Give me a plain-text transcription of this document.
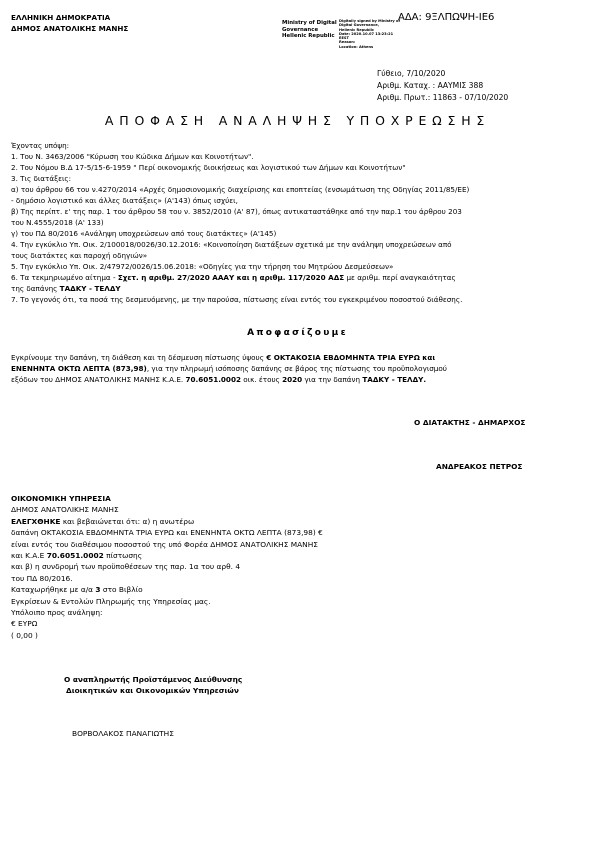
ΕΛΛΗΝΙΚΗ ΔΗΜΟΚΡΑΤΙΑ
ΔΗΜΟΣ ΑΝΑΤΟΛΙΚΗΣ ΜΑΝΗΣ
Ministry of Digital
Governance
Hellenic Republic
Digitally signed by Ministry of
Digital Governance,
Hellenic Republic
Date: 2020.10.07 13:23:21
EEST
Reason:
Location: Athens
ΑΔΑ: 9ΞΛΠΩΨΗ-ΙΕ6
Γύθειο, 7/10/2020
Αριθμ. Καταχ. : ΑΑΥΜΙΣ 388
Αριθμ. Πρωτ.: 11863 - 07/10/2020
ΑΠΟΦΑΣΗ ΑΝΑΛΗΨΗΣ ΥΠΟΧΡΕΩΣΗΣ
Έχοντας υπόψη:
1. Του Ν. 3463/2006 "Κύρωση του Κώδικα Δήμων και Κοινοτήτων".
2. Του Νόμου Β.Δ 17-5/15-6-1959 " Περί οικονομικής διοικήσεως και λογιστικού των Δήμων και Κοινοτήτων"
3. Τις διατάξεις:
α) του άρθρου 66 του ν.4270/2014 «Αρχές δημοσιονομικής διαχείρισης και εποπτείας (ενσωμάτωση της Οδηγίας 2011/85/ΕΕ)
- δημόσιο λογιστικό και άλλες διατάξεις» (Α'143) όπως ισχύει,
β) Της περίπτ. ε' της παρ. 1 του άρθρου 58 του ν. 3852/2010 (Α' 87), όπως αντικαταστάθηκε από την παρ.1 του άρθρου 203
του Ν.4555/2018 (Α' 133)
γ) του ΠΔ 80/2016 «Ανάληψη υποχρεώσεων από τους διατάκτες» (Α'145)
4. Την εγκύκλιο Υπ. Οικ. 2/100018/0026/30.12.2016: «Κοινοποίηση διατάξεων σχετικά με την ανάληψη υποχρεώσεων από
τους διατάκτες και παροχή οδηγιών»
5. Την εγκύκλιο Υπ. Οικ. 2/47972/0026/15.06.2018: «Οδηγίες για την τήρηση του Μητρώου Δεσμεύσεων»
6. Τα τεκμηριωμένο αίτημα - Σχετ. η αριθμ. 27/2020 ΑΑΑΥ και η αριθμ. 117/2020 ΑΔΣ με αριθμ. περί αναγκαιότητας
της δαπάνης ΤΑΔΚΥ - ΤΕΛΔΥ
7. Το γεγονός ότι, τα ποσά της δεσμευόμενης, με την παρούσα, πίστωσης είναι εντός του εγκεκριμένου ποσοστού διάθεσης.
Αποφασίζουμε
Εγκρίνουμε την δαπάνη, τη διάθεση και τη δέσμευση πίστωσης ύψους € ΟΚΤΑΚΟΣΙΑ ΕΒΔΟΜΗΝΤΑ ΤΡΙΑ ΕΥΡΩ και
ΕΝΕΝΗΝΤΑ ΟΚΤΩ ΛΕΠΤΑ (873,98), για την πληρωμή ισόποσης δαπάνης σε βάρος της πίστωσης του προϋπολογισμού
εξόδων του ΔΗΜΟΣ ΑΝΑΤΟΛΙΚΗΣ ΜΑΝΗΣ Κ.Α.Ε. 70.6051.0002 οικ. έτους 2020 για την δαπάνη ΤΑΔΚΥ - ΤΕΛΔΥ.
Ο ΔΙΑΤΑΚΤΗΣ - ΔΗΜΑΡΧΟΣ
ΑΝΔΡΕΑΚΟΣ ΠΕΤΡΟΣ
ΟΙΚΟΝΟΜΙΚΗ ΥΠΗΡΕΣΙΑ
ΔΗΜΟΣ ΑΝΑΤΟΛΙΚΗΣ ΜΑΝΗΣ
ΕΛΕΓΧΘΗΚΕ και βεβαιώνεται ότι: α) η ανωτέρω
δαπάνη ΟΚΤΑΚΟΣΙΑ ΕΒΔΟΜΗΝΤΑ ΤΡΙΑ ΕΥΡΩ και ΕΝΕΝΗΝΤΑ ΟΚΤΩ ΛΕΠΤΑ (873,98) €
είναι εντός του διαθέσιμου ποσοστού της υπό Φορέα ΔΗΜΟΣ ΑΝΑΤΟΛΙΚΗΣ ΜΑΝΗΣ
και Κ.Α.Ε 70.6051.0002 πίστωσης
και β) η συνδρομή των προϋποθέσεων της παρ. 1α του αρθ. 4
του ΠΔ 80/2016.
Καταχωρήθηκε με α/α 3 στο Βιβλίο
Εγκρίσεων & Εντολών Πληρωμής της Υπηρεσίας μας.
Υπόλοιπο προς ανάληψη:
€ ΕΥΡΩ
( 0,00 )
Ο αναπληρωτής Προϊστάμενος Διεύθυνσης
Διοικητικών και Οικονομικών Υπηρεσιών
ΒΟΡΒΟΛΑΚΟΣ ΠΑΝΑΓΙΩΤΗΣ
